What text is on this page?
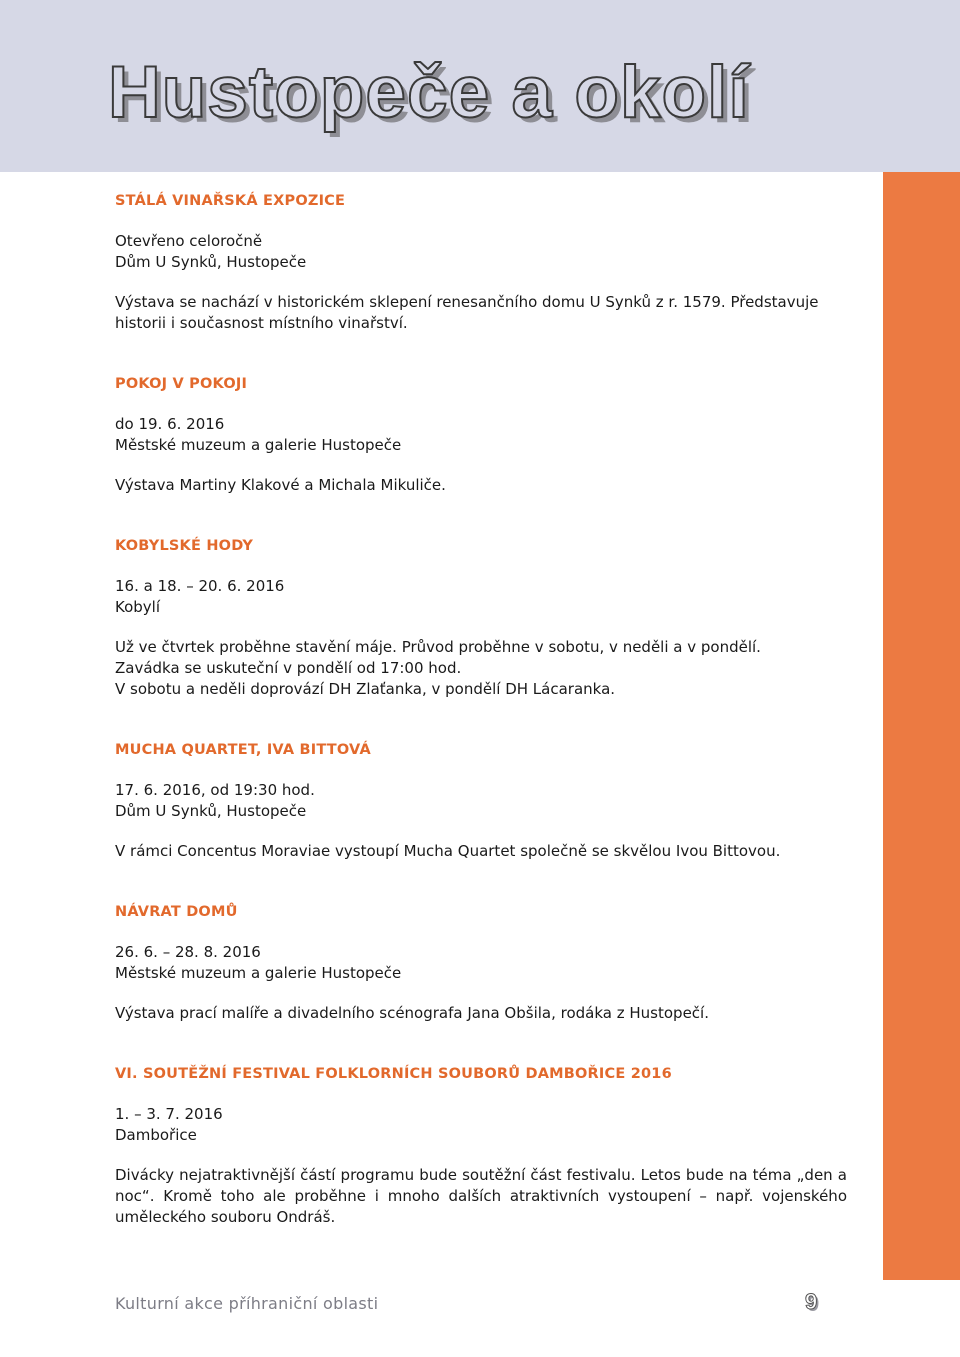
Hustopeče a okolí

STÁLÁ VINAŘSKÁ EXPOZICE

Otevřeno celoročně

Dům U Synků, Hustopeče

Výstava se nachází v historickém sklepení renesančního domu U Synků z r. 1579. Představuje

historii i současnost místního vinařství.

POKOJ V POKOJI

do 19. 6. 2016

Městské muzeum a galerie Hustopeče

Výstava Martiny Klakové a Michala Mikuliče.

KOBYLSKÉ HODY

16. a 18. – 20. 6. 2016

Kobylí

Už ve čtvrtek proběhne stavění máje. Průvod proběhne v sobotu, v neděli a v pondělí.

Zavádka se uskuteční v pondělí od 17:00 hod.

V sobotu a neděli doprovází DH Zlaťanka, v pondělí DH Lácaranka.

MUCHA QUARTET, IVA BITTOVÁ

17. 6. 2016, od 19:30 hod.

Dům U Synků, Hustopeče

V rámci Concentus Moraviae vystoupí Mucha Quartet společně se skvělou Ivou Bittovou.

NÁVRAT DOMŮ

26. 6. – 28. 8. 2016

Městské muzeum a galerie Hustopeče

Výstava prací malíře a divadelního scénografa Jana Obšila, rodáka z Hustopečí.

VI. SOUTĚŽNÍ FESTIVAL FOLKLORNÍCH SOUBORŮ DAMBOŘICE 2016

1. – 3. 7. 2016

Dambořice

Divácky nejatraktivnější částí programu bude soutěžní část festivalu. Letos bude na téma „den a noc“. Kromě toho ale proběhne i mnoho dalších atraktivních vystoupení – např. vojenského uměleckého souboru Ondráš.

Kulturní akce příhraniční oblasti	9
